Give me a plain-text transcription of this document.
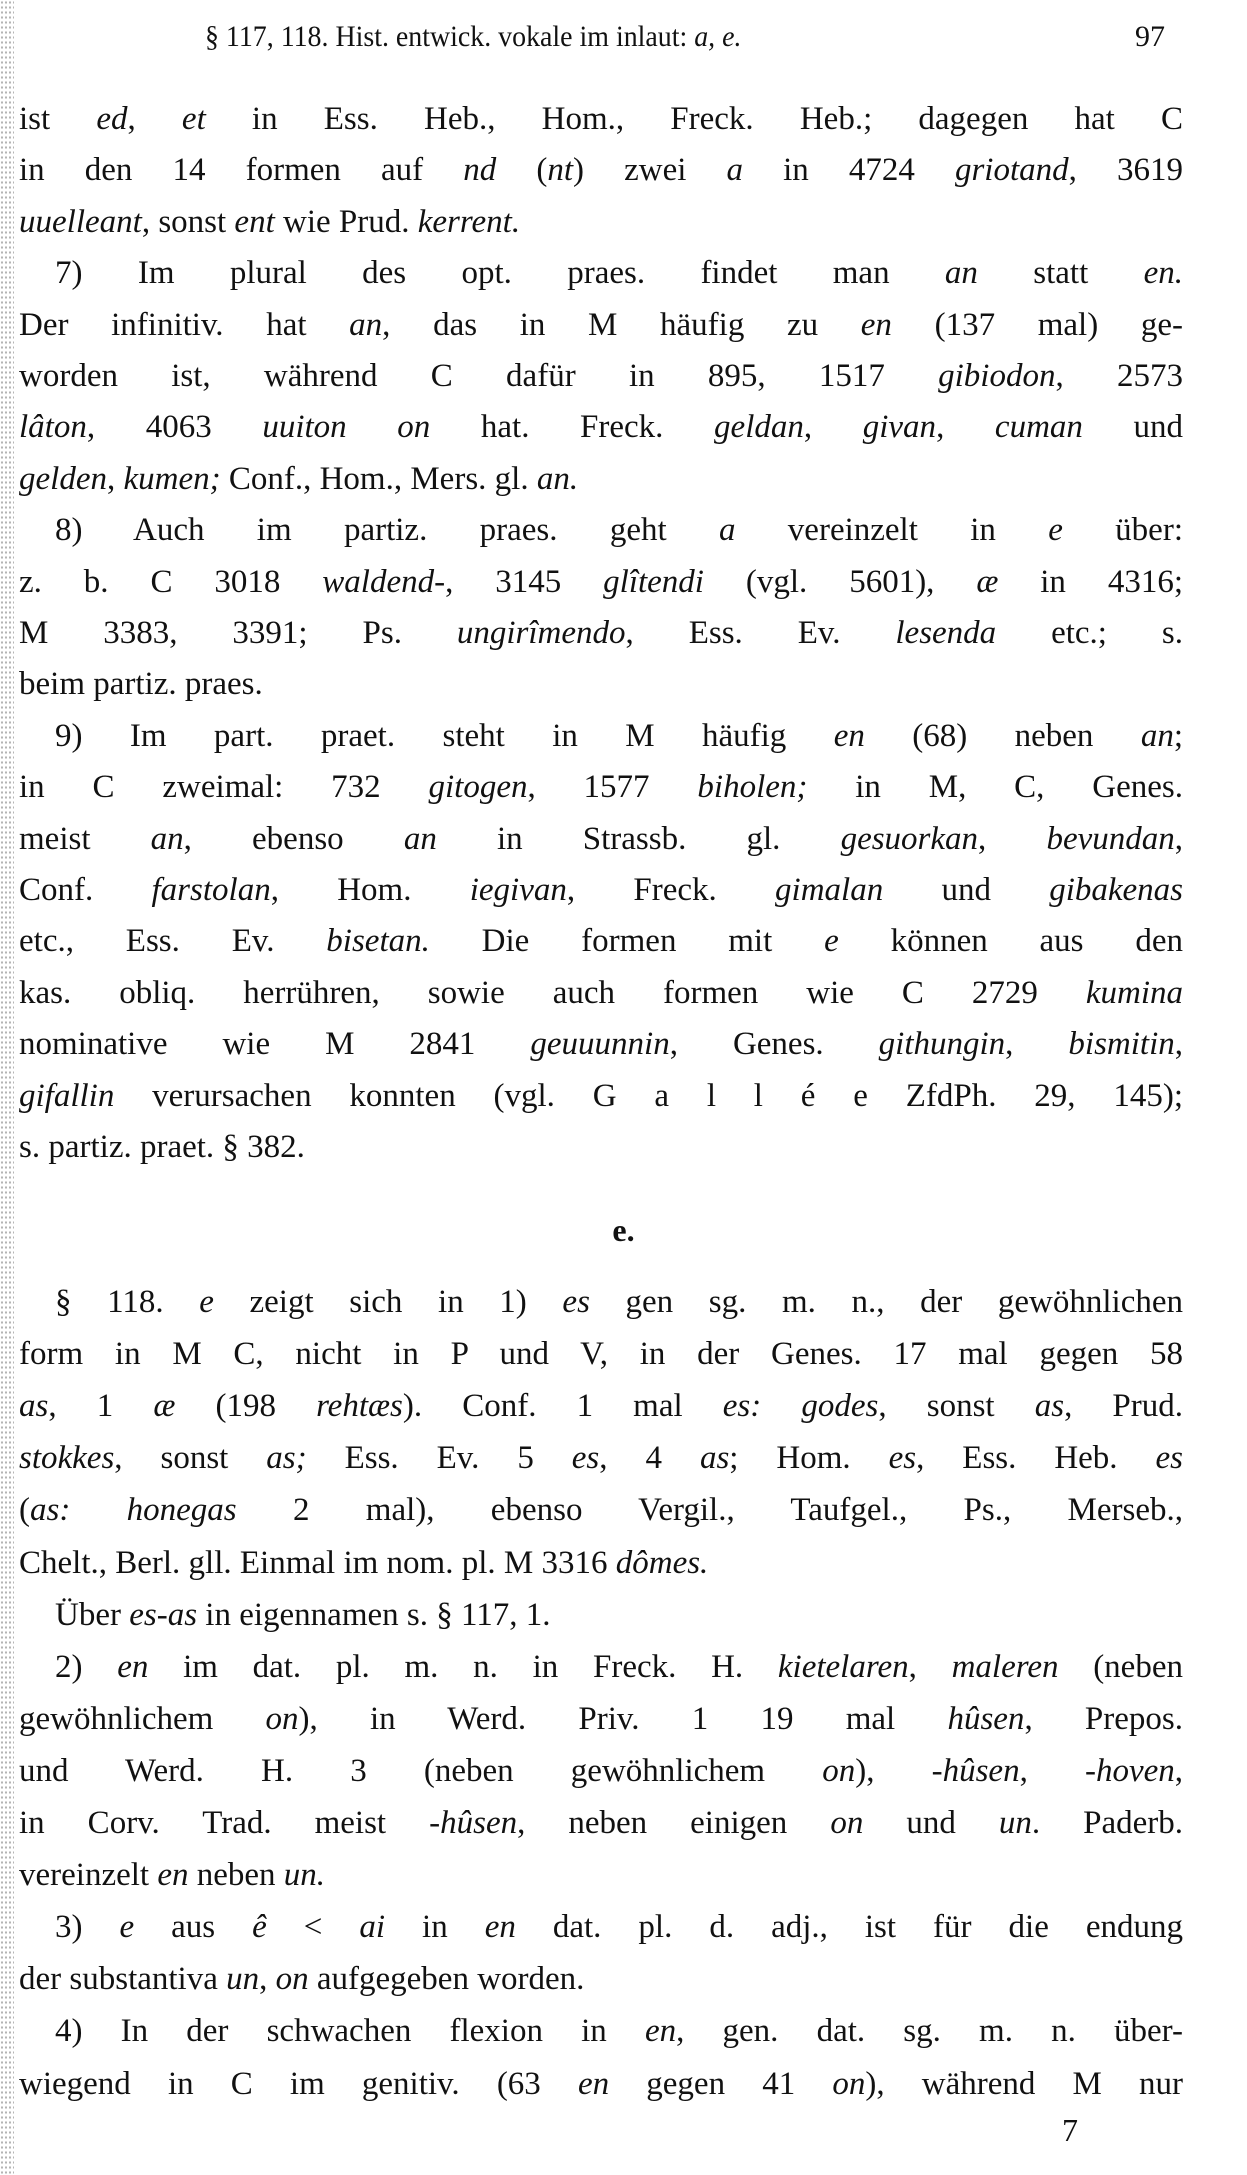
§ 117, 118. Hist. entwick. vokale im inlaut: a, e.	97
ist ed, et in Ess. Heb., Hom., Freck. Heb.; dagegen hat C
in den 14 formen auf nd (nt) zwei a in 4724 griotand, 3619
uuelleant, sonst ent wie Prud. kerrent.
7) Im plural des opt. praes. findet man an statt en.
Der infinitiv. hat an, das in M häufig zu en (137 mal) ge-
worden ist, während C dafür in 895, 1517 gibiodon, 2573
lâton, 4063 uuiton on hat. Freck. geldan, givan, cuman und
gelden, kumen; Conf., Hom., Mers. gl. an.
8) Auch im partiz. praes. geht a vereinzelt in e über:
z. b. C 3018 waldend-, 3145 glîtendi (vgl. 5601), æ in 4316;
M 3383, 3391; Ps. ungirîmendo, Ess. Ev. lesenda etc.; s.
beim partiz. praes.
9) Im part. praet. steht in M häufig en (68) neben an;
in C zweimal: 732 gitogen, 1577 biholen; in M, C, Genes.
meist an, ebenso an in Strassb. gl. gesuorkan, bevundan,
Conf. farstolan, Hom. iegivan, Freck. gimalan und gibakenas
etc., Ess. Ev. bisetan. Die formen mit e können aus den
kas. obliq. herrühren, sowie auch formen wie C 2729 kumina
nominative wie M 2841 geuuunnin, Genes. githungin, bismitin,
gifallin verursachen konnten (vgl. G a l l é e ZfdPh. 29, 145);
s. partiz. praet. § 382.
§ 118. e zeigt sich in 1) es gen sg. m. n., der gewöhnlichen
form in M C, nicht in P und V, in der Genes. 17 mal gegen 58
as, 1 æ (198 rehtæs). Conf. 1 mal es: godes, sonst as, Prud.
stokkes, sonst as; Ess. Ev. 5 es, 4 as; Hom. es, Ess. Heb. es
(as: honegas 2 mal), ebenso Vergil., Taufgel., Ps., Merseb.,
Chelt., Berl. gll. Einmal im nom. pl. M 3316 dômes.
Über es-as in eigennamen s. § 117, 1.
2) en im dat. pl. m. n. in Freck. H. kietelaren, maleren (neben
gewöhnlichem on), in Werd. Priv. 1 19 mal hûsen, Prepos.
und Werd. H. 3 (neben gewöhnlichem on), -hûsen, -hoven,
in Corv. Trad. meist -hûsen, neben einigen on und un. Paderb.
vereinzelt en neben un.
3) e aus ê < ai in en dat. pl. d. adj., ist für die endung
der substantiva un, on aufgegeben worden.
4) In der schwachen flexion in en, gen. dat. sg. m. n. über-
wiegend in C im genitiv. (63 en gegen 41 on), während M nur
e.
7
